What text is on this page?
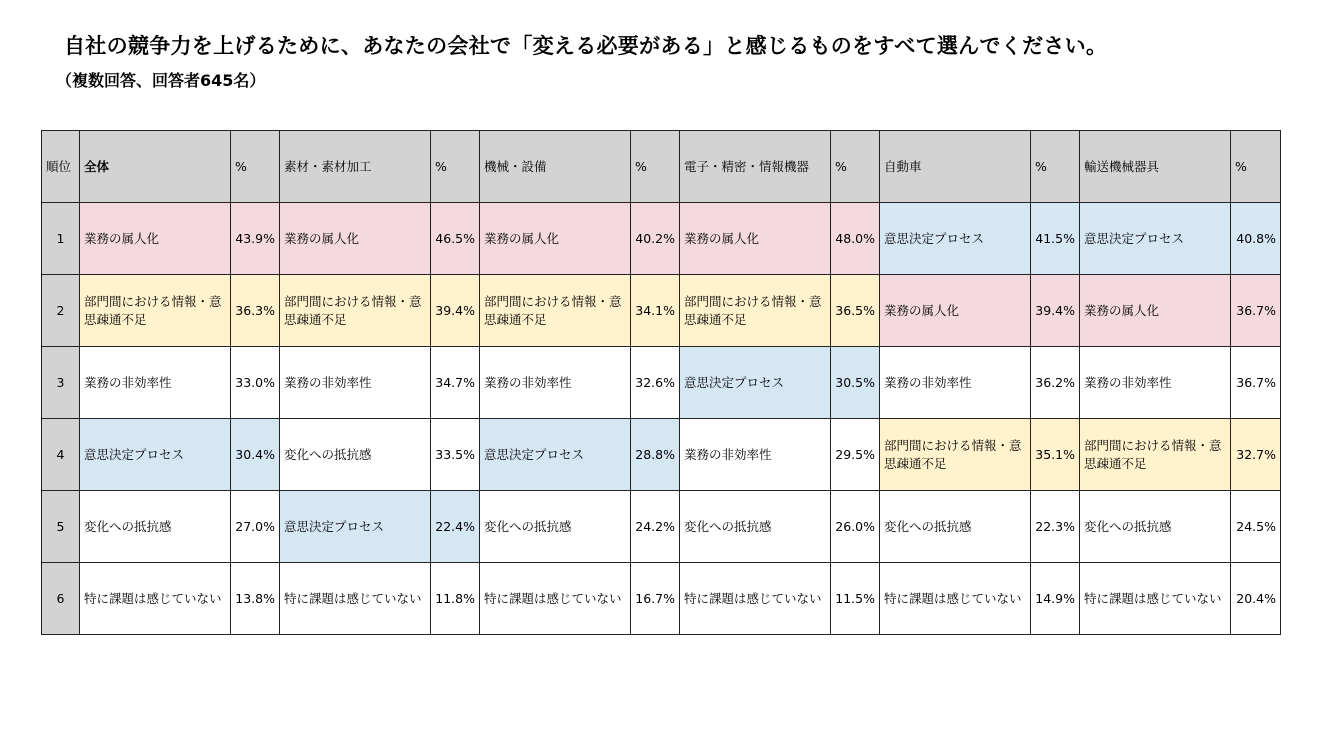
自社の競争力を上げるために、あなたの会社で「変える必要がある」と感じるものをすべて選んでください。
（複数回答、回答者645名）
順位	全体	%	素材・素材加工	%	機械・設備	%	電子・精密・情報機器	%	自動車	%	輸送機械器具	%
1	業務の属人化	43.9%	業務の属人化	46.5%	業務の属人化	40.2%	業務の属人化	48.0%	意思決定プロセス	41.5%	意思決定プロセス	40.8%
2	部門間における情報・意思疎通不足	36.3%	部門間における情報・意思疎通不足	39.4%	部門間における情報・意思疎通不足	34.1%	部門間における情報・意思疎通不足	36.5%	業務の属人化	39.4%	業務の属人化	36.7%
3	業務の非効率性	33.0%	業務の非効率性	34.7%	業務の非効率性	32.6%	意思決定プロセス	30.5%	業務の非効率性	36.2%	業務の非効率性	36.7%
4	意思決定プロセス	30.4%	変化への抵抗感	33.5%	意思決定プロセス	28.8%	業務の非効率性	29.5%	部門間における情報・意思疎通不足	35.1%	部門間における情報・意思疎通不足	32.7%
5	変化への抵抗感	27.0%	意思決定プロセス	22.4%	変化への抵抗感	24.2%	変化への抵抗感	26.0%	変化への抵抗感	22.3%	変化への抵抗感	24.5%
6	特に課題は感じていない	13.8%	特に課題は感じていない	11.8%	特に課題は感じていない	16.7%	特に課題は感じていない	11.5%	特に課題は感じていない	14.9%	特に課題は感じていない	20.4%
